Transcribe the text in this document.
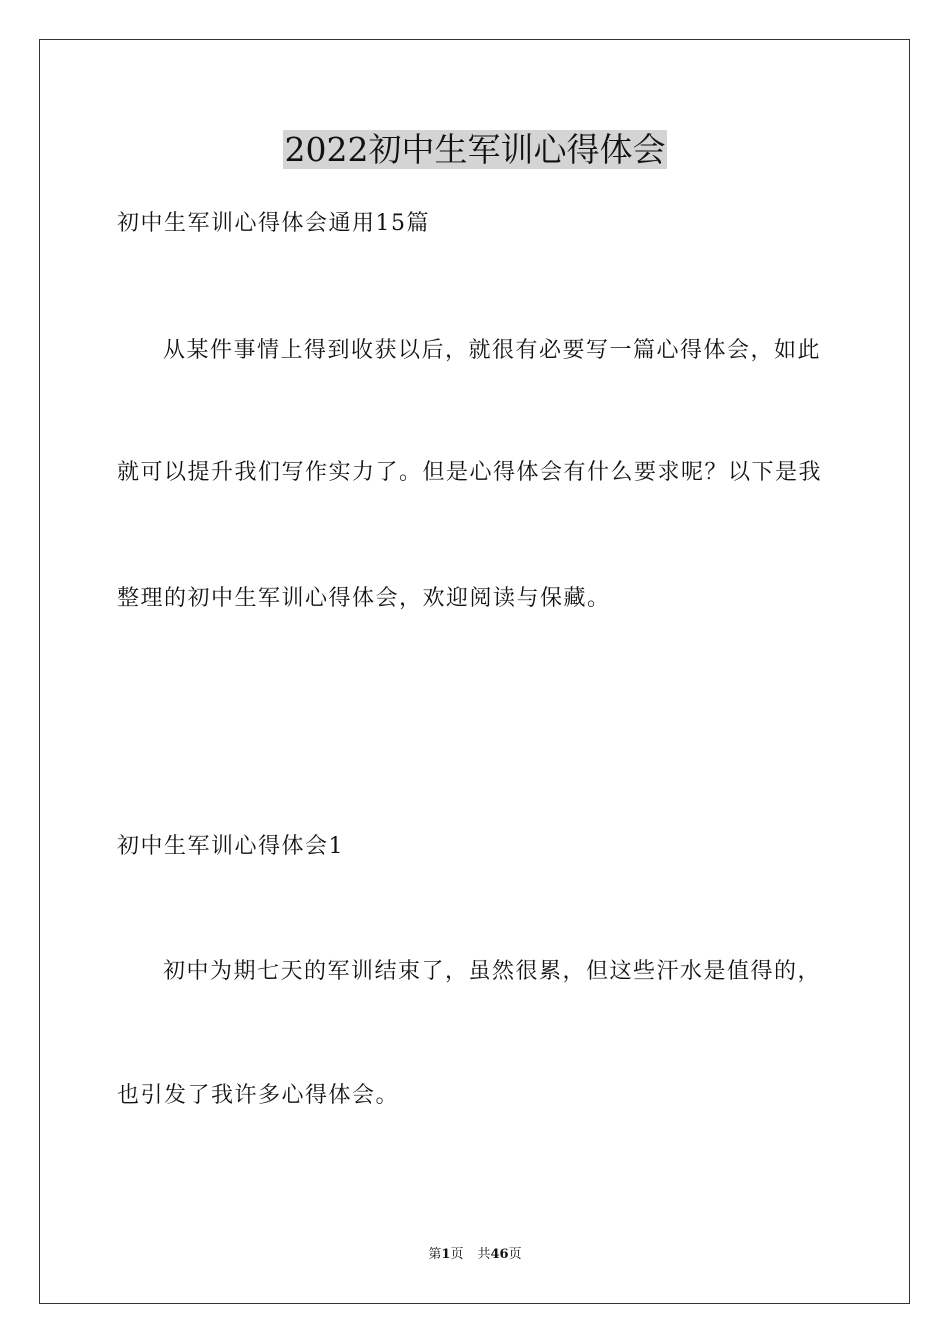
2022初中生军训心得体会

初中生军训心得体会通用15篇

从某件事情上得到收获以后，就很有必要写一篇心得体会，如此

就可以提升我们写作实力了。但是心得体会有什么要求呢？以下是我

整理的初中生军训心得体会，欢迎阅读与保藏。

初中生军训心得体会1

初中为期七天的军训结束了，虽然很累，但这些汗水是值得的，

也引发了我许多心得体会。

第1页 共46页
